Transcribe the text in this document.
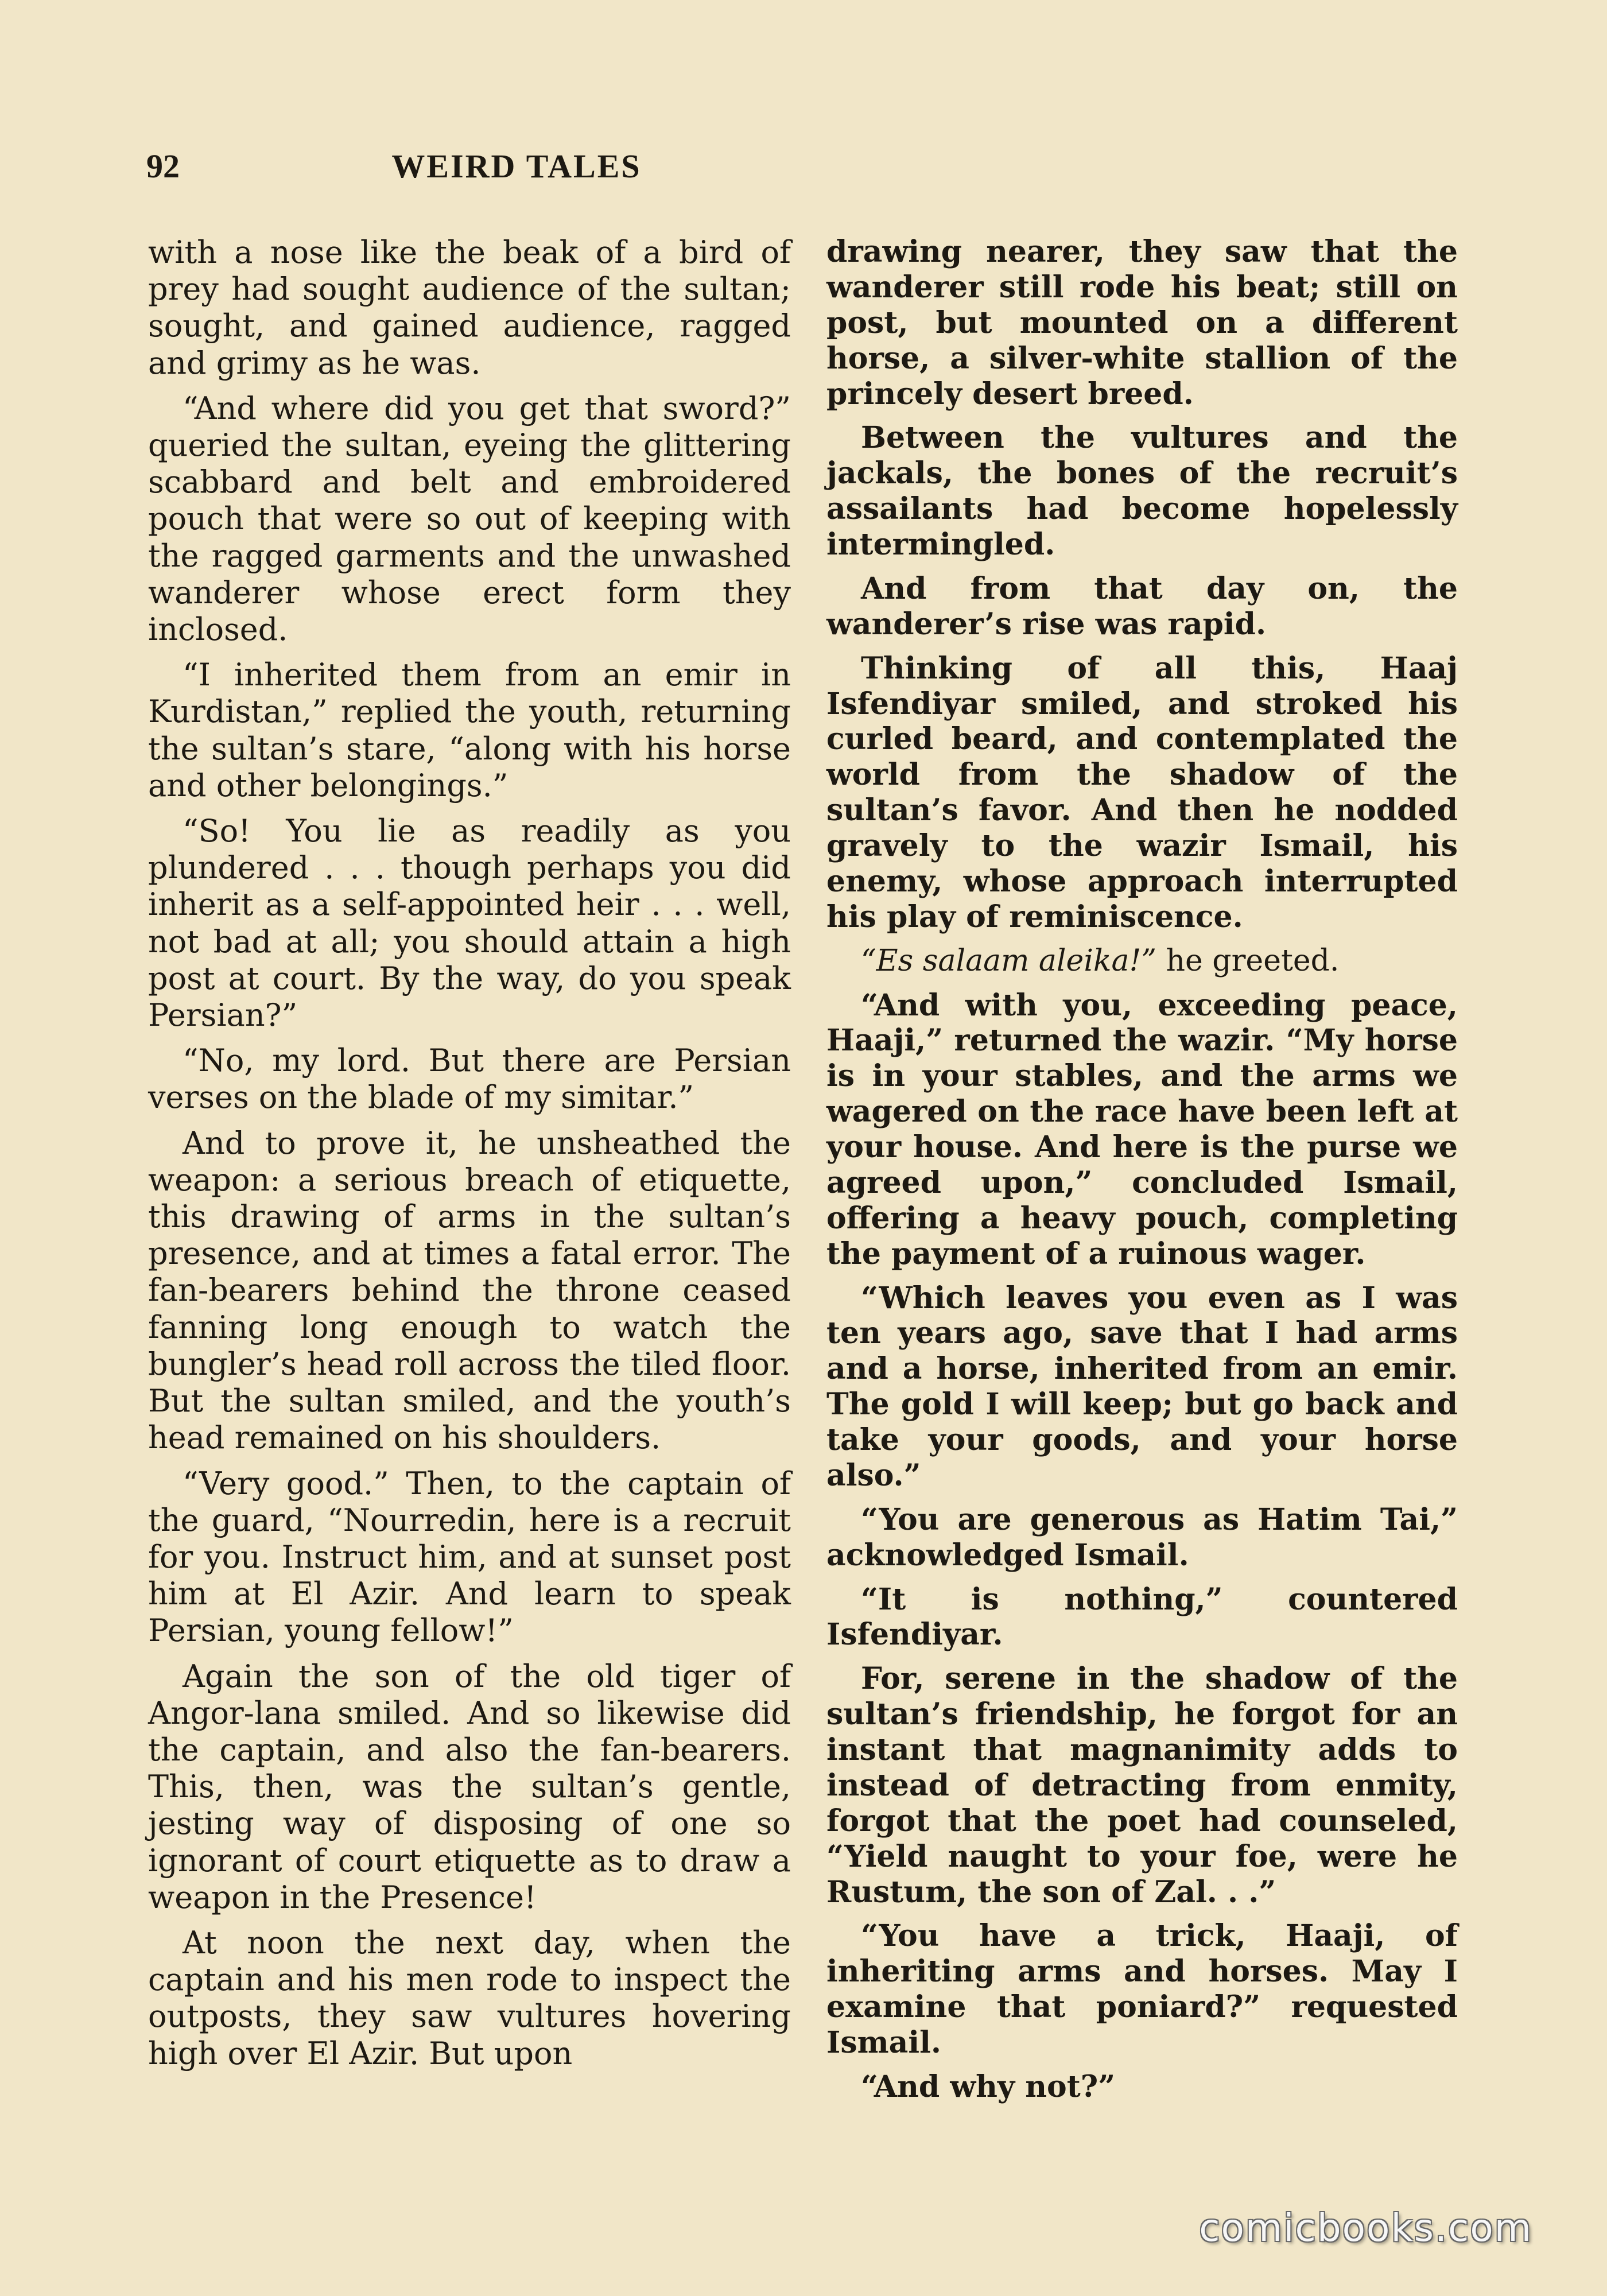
92	WEIRD TALES

with a nose like the beak of a bird of prey had sought audience of the sultan; sought, and gained audience, ragged and grimy as he was.

“And where did you get that sword?” queried the sultan, eyeing the glittering scabbard and belt and embroidered pouch that were so out of keeping with the ragged garments and the unwashed wanderer whose erect form they inclosed.

“I inherited them from an emir in Kurdistan,” replied the youth, returning the sultan’s stare, “along with his horse and other belongings.”

“So! You lie as readily as you plundered . . . though perhaps you did inherit as a self-appointed heir . . . well, not bad at all; you should attain a high post at court. By the way, do you speak Persian?”

“No, my lord. But there are Persian verses on the blade of my simitar.”

And to prove it, he unsheathed the weapon: a serious breach of etiquette, this drawing of arms in the sultan’s presence, and at times a fatal error. The fan-bearers behind the throne ceased fanning long enough to watch the bungler’s head roll across the tiled floor. But the sultan smiled, and the youth’s head remained on his shoulders.

“Very good.” Then, to the captain of the guard, “Nourredin, here is a recruit for you. Instruct him, and at sunset post him at El Azir. And learn to speak Persian, young fellow!”

Again the son of the old tiger of Angor-lana smiled. And so likewise did the captain, and also the fan-bearers. This, then, was the sultan’s gentle, jesting way of disposing of one so ignorant of court etiquette as to draw a weapon in the Presence!

At noon the next day, when the captain and his men rode to inspect the outposts, they saw vultures hovering high over El Azir. But upon

drawing nearer, they saw that the wanderer still rode his beat; still on post, but mounted on a different horse, a silver-white stallion of the princely desert breed.

Between the vultures and the jackals, the bones of the recruit’s assailants had become hopelessly intermingled.

And from that day on, the wanderer’s rise was rapid.

Thinking of all this, Haaj Isfendiyar smiled, and stroked his curled beard, and contemplated the world from the shadow of the sultan’s favor. And then he nodded gravely to the wazir Ismail, his enemy, whose approach interrupted his play of reminiscence.

“Es salaam aleika!” he greeted.

“And with you, exceeding peace, Haaji,” returned the wazir. “My horse is in your stables, and the arms we wagered on the race have been left at your house. And here is the purse we agreed upon,” concluded Ismail, offering a heavy pouch, completing the payment of a ruinous wager.

“Which leaves you even as I was ten years ago, save that I had arms and a horse, inherited from an emir. The gold I will keep; but go back and take your goods, and your horse also.”

“You are generous as Hatim Tai,” acknowledged Ismail.

“It is nothing,” countered Isfendiyar.

For, serene in the shadow of the sultan’s friendship, he forgot for an instant that magnanimity adds to instead of detracting from enmity, forgot that the poet had counseled, “Yield naught to your foe, were he Rustum, the son of Zal. . .”

“You have a trick, Haaji, of inheriting arms and horses. May I examine that poniard?” requested Ismail.

“And why not?”

comicbooks.com
